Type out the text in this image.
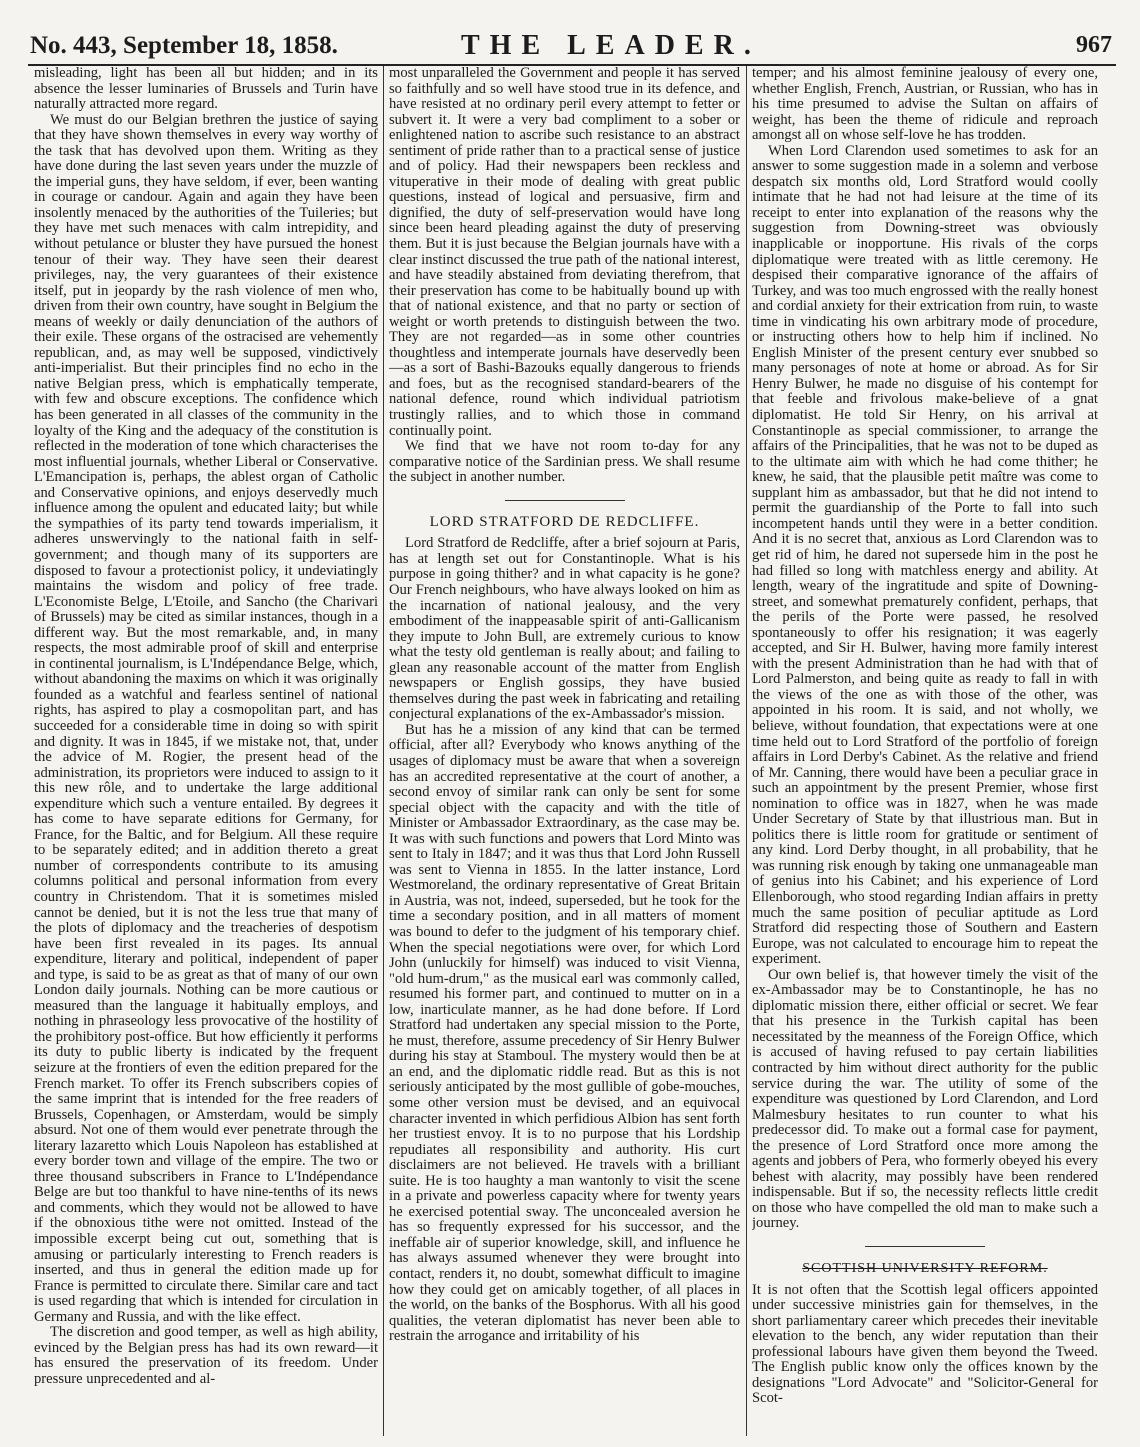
No. 443, September 18, 1858.	THE LEADER.	967

misleading, light has been all but hidden; and in its absence the lesser luminaries of Brussels and Turin have naturally attracted more regard.

We must do our Belgian brethren the justice of saying that they have shown themselves in every way worthy of the task that has devolved upon them. Writing as they have done during the last seven years under the muzzle of the imperial guns, they have seldom, if ever, been wanting in courage or candour. Again and again they have been insolently menaced by the authorities of the Tuileries; but they have met such menaces with calm intrepidity, and without petulance or bluster they have pursued the honest tenour of their way. They have seen their dearest privileges, nay, the very guarantees of their existence itself, put in jeopardy by the rash violence of men who, driven from their own country, have sought in Belgium the means of weekly or daily denunciation of the authors of their exile. These organs of the ostracised are vehemently republican, and, as may well be supposed, vindictively anti-imperialist. But their principles find no echo in the native Belgian press, which is emphatically temperate, with few and obscure exceptions. The confidence which has been generated in all classes of the community in the loyalty of the King and the adequacy of the constitution is reflected in the moderation of tone which characterises the most influential journals, whether Liberal or Conservative. L'Emancipation is, perhaps, the ablest organ of Catholic and Conservative opinions, and enjoys deservedly much influence among the opulent and educated laity; but while the sympathies of its party tend towards imperialism, it adheres unswervingly to the national faith in self-government; and though many of its supporters are disposed to favour a protectionist policy, it undeviatingly maintains the wisdom and policy of free trade. L'Economiste Belge, L'Etoile, and Sancho (the Charivari of Brussels) may be cited as similar instances, though in a different way. But the most remarkable, and, in many respects, the most admirable proof of skill and enterprise in continental journalism, is L'Indépendance Belge, which, without abandoning the maxims on which it was originally founded as a watchful and fearless sentinel of national rights, has aspired to play a cosmopolitan part, and has succeeded for a considerable time in doing so with spirit and dignity. It was in 1845, if we mistake not, that, under the advice of M. Rogier, the present head of the administration, its proprietors were induced to assign to it this new rôle, and to undertake the large additional expenditure which such a venture entailed. By degrees it has come to have separate editions for Germany, for France, for the Baltic, and for Belgium. All these require to be separately edited; and in addition thereto a great number of correspondents contribute to its amusing columns political and personal information from every country in Christendom. That it is sometimes misled cannot be denied, but it is not the less true that many of the plots of diplomacy and the treacheries of despotism have been first revealed in its pages. Its annual expenditure, literary and political, independent of paper and type, is said to be as great as that of many of our own London daily journals. Nothing can be more cautious or measured than the language it habitually employs, and nothing in phraseology less provocative of the hostility of the prohibitory post-office. But how efficiently it performs its duty to public liberty is indicated by the frequent seizure at the frontiers of even the edition prepared for the French market. To offer its French subscribers copies of the same imprint that is intended for the free readers of Brussels, Copenhagen, or Amsterdam, would be simply absurd. Not one of them would ever penetrate through the literary lazaretto which Louis Napoleon has established at every border town and village of the empire. The two or three thousand subscribers in France to L'Indépendance Belge are but too thankful to have nine-tenths of its news and comments, which they would not be allowed to have if the obnoxious tithe were not omitted. Instead of the impossible excerpt being cut out, something that is amusing or particularly interesting to French readers is inserted, and thus in general the edition made up for France is permitted to circulate there. Similar care and tact is used regarding that which is intended for circulation in Germany and Russia, and with the like effect.

The discretion and good temper, as well as high ability, evinced by the Belgian press has had its own reward—it has ensured the preservation of its freedom. Under pressure unprecedented and al-

most unparalleled the Government and people it has served so faithfully and so well have stood true in its defence, and have resisted at no ordinary peril every attempt to fetter or subvert it. It were a very bad compliment to a sober or enlightened nation to ascribe such resistance to an abstract sentiment of pride rather than to a practical sense of justice and of policy. Had their newspapers been reckless and vituperative in their mode of dealing with great public questions, instead of logical and persuasive, firm and dignified, the duty of self-preservation would have long since been heard pleading against the duty of preserving them. But it is just because the Belgian journals have with a clear instinct discussed the true path of the national interest, and have steadily abstained from deviating therefrom, that their preservation has come to be habitually bound up with that of national existence, and that no party or section of weight or worth pretends to distinguish between the two. They are not regarded—as in some other countries thoughtless and intemperate journals have deservedly been—as a sort of Bashi-Bazouks equally dangerous to friends and foes, but as the recognised standard-bearers of the national defence, round which individual patriotism trustingly rallies, and to which those in command continually point.

We find that we have not room to-day for any comparative notice of the Sardinian press. We shall resume the subject in another number.

LORD STRATFORD DE REDCLIFFE.

Lord Stratford de Redcliffe, after a brief sojourn at Paris, has at length set out for Constantinople. What is his purpose in going thither? and in what capacity is he gone? Our French neighbours, who have always looked on him as the incarnation of national jealousy, and the very embodiment of the inappeasable spirit of anti-Gallicanism they impute to John Bull, are extremely curious to know what the testy old gentleman is really about; and failing to glean any reasonable account of the matter from English newspapers or English gossips, they have busied themselves during the past week in fabricating and retailing conjectural explanations of the ex-Ambassador's mission.

But has he a mission of any kind that can be termed official, after all? Everybody who knows anything of the usages of diplomacy must be aware that when a sovereign has an accredited representative at the court of another, a second envoy of similar rank can only be sent for some special object with the capacity and with the title of Minister or Ambassador Extraordinary, as the case may be. It was with such functions and powers that Lord Minto was sent to Italy in 1847; and it was thus that Lord John Russell was sent to Vienna in 1855. In the latter instance, Lord Westmoreland, the ordinary representative of Great Britain in Austria, was not, indeed, superseded, but he took for the time a secondary position, and in all matters of moment was bound to defer to the judgment of his temporary chief. When the special negotiations were over, for which Lord John (unluckily for himself) was induced to visit Vienna, "old hum-drum," as the musical earl was commonly called, resumed his former part, and continued to mutter on in a low, inarticulate manner, as he had done before. If Lord Stratford had undertaken any special mission to the Porte, he must, therefore, assume precedency of Sir Henry Bulwer during his stay at Stamboul. The mystery would then be at an end, and the diplomatic riddle read. But as this is not seriously anticipated by the most gullible of gobe-mouches, some other version must be devised, and an equivocal character invented in which perfidious Albion has sent forth her trustiest envoy. It is to no purpose that his Lordship repudiates all responsibility and authority. His curt disclaimers are not believed. He travels with a brilliant suite. He is too haughty a man wantonly to visit the scene in a private and powerless capacity where for twenty years he exercised potential sway. The unconcealed aversion he has so frequently expressed for his successor, and the ineffable air of superior knowledge, skill, and influence he has always assumed whenever they were brought into contact, renders it, no doubt, somewhat difficult to imagine how they could get on amicably together, of all places in the world, on the banks of the Bosphorus. With all his good qualities, the veteran diplomatist has never been able to restrain the arrogance and irritability of his

temper; and his almost feminine jealousy of every one, whether English, French, Austrian, or Russian, who has in his time presumed to advise the Sultan on affairs of weight, has been the theme of ridicule and reproach amongst all on whose self-love he has trodden.

When Lord Clarendon used sometimes to ask for an answer to some suggestion made in a solemn and verbose despatch six months old, Lord Stratford would coolly intimate that he had not had leisure at the time of its receipt to enter into explanation of the reasons why the suggestion from Downing-street was obviously inapplicable or inopportune. His rivals of the corps diplomatique were treated with as little ceremony. He despised their comparative ignorance of the affairs of Turkey, and was too much engrossed with the really honest and cordial anxiety for their extrication from ruin, to waste time in vindicating his own arbitrary mode of procedure, or instructing others how to help him if inclined. No English Minister of the present century ever snubbed so many personages of note at home or abroad. As for Sir Henry Bulwer, he made no disguise of his contempt for that feeble and frivolous make-believe of a gnat diplomatist. He told Sir Henry, on his arrival at Constantinople as special commissioner, to arrange the affairs of the Principalities, that he was not to be duped as to the ultimate aim with which he had come thither; he knew, he said, that the plausible petit maître was come to supplant him as ambassador, but that he did not intend to permit the guardianship of the Porte to fall into such incompetent hands until they were in a better condition. And it is no secret that, anxious as Lord Clarendon was to get rid of him, he dared not supersede him in the post he had filled so long with matchless energy and ability. At length, weary of the ingratitude and spite of Downing-street, and somewhat prematurely confident, perhaps, that the perils of the Porte were passed, he resolved spontaneously to offer his resignation; it was eagerly accepted, and Sir H. Bulwer, having more family interest with the present Administration than he had with that of Lord Palmerston, and being quite as ready to fall in with the views of the one as with those of the other, was appointed in his room. It is said, and not wholly, we believe, without foundation, that expectations were at one time held out to Lord Stratford of the portfolio of foreign affairs in Lord Derby's Cabinet. As the relative and friend of Mr. Canning, there would have been a peculiar grace in such an appointment by the present Premier, whose first nomination to office was in 1827, when he was made Under Secretary of State by that illustrious man. But in politics there is little room for gratitude or sentiment of any kind. Lord Derby thought, in all probability, that he was running risk enough by taking one unmanageable man of genius into his Cabinet; and his experience of Lord Ellenborough, who stood regarding Indian affairs in pretty much the same position of peculiar aptitude as Lord Stratford did respecting those of Southern and Eastern Europe, was not calculated to encourage him to repeat the experiment.

Our own belief is, that however timely the visit of the ex-Ambassador may be to Constantinople, he has no diplomatic mission there, either official or secret. We fear that his presence in the Turkish capital has been necessitated by the meanness of the Foreign Office, which is accused of having refused to pay certain liabilities contracted by him without direct authority for the public service during the war. The utility of some of the expenditure was questioned by Lord Clarendon, and Lord Malmesbury hesitates to run counter to what his predecessor did. To make out a formal case for payment, the presence of Lord Stratford once more among the agents and jobbers of Pera, who formerly obeyed his every behest with alacrity, may possibly have been rendered indispensable. But if so, the necessity reflects little credit on those who have compelled the old man to make such a journey.

SCOTTISH UNIVERSITY REFORM.

It is not often that the Scottish legal officers appointed under successive ministries gain for themselves, in the short parliamentary career which precedes their inevitable elevation to the bench, any wider reputation than their professional labours have given them beyond the Tweed. The English public know only the offices known by the designations "Lord Advocate" and "Solicitor-General for Scot-
